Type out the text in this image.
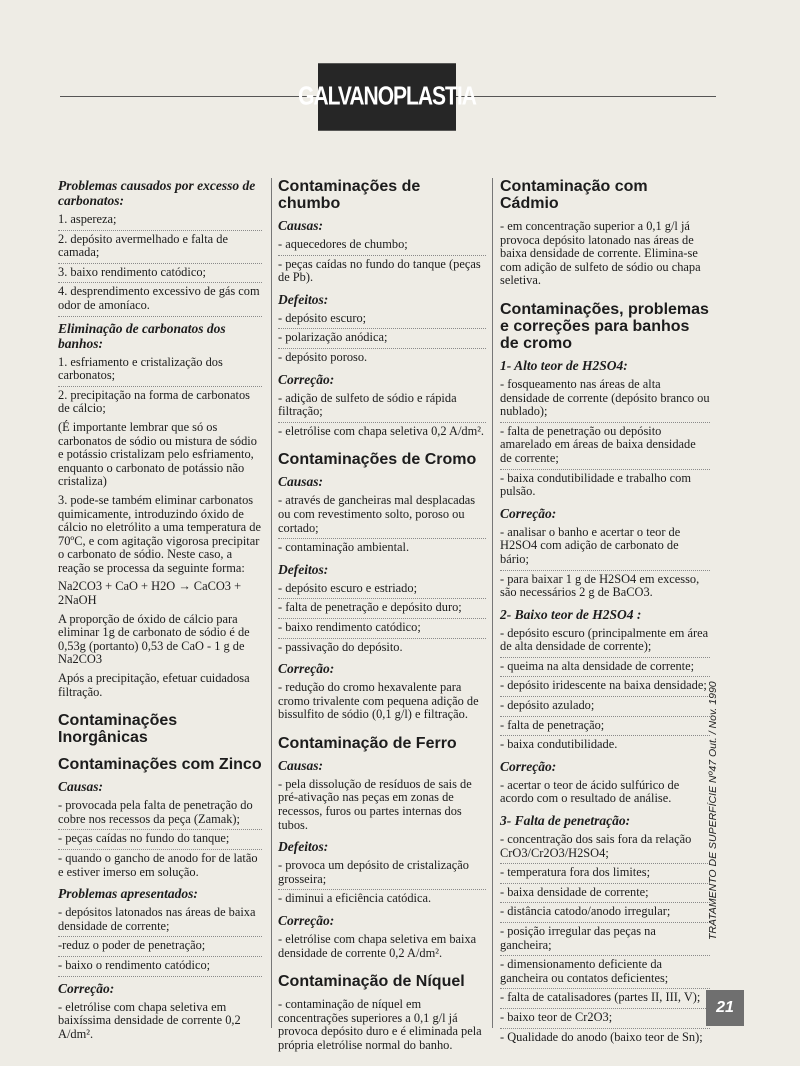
GALVANOPLASTIA
Problemas causados por excesso de carbonatos:

1. aspereza;

2. depósito avermelhado e falta de camada;

3. baixo rendimento catódico;

4. desprendimento excessivo de gás com odor de amoníaco.

Eliminação de carbonatos dos banhos:

1. esfriamento e cristalização dos carbonatos;

2. precipitação na forma de carbonatos de cálcio;

(É importante lembrar que só os carbonatos de sódio ou mistura de sódio e potássio cristalizam pelo esfriamento, enquanto o carbonato de potássio não cristaliza)

3. pode-se também eliminar carbonatos quimicamente, introduzindo óxido de cálcio no eletrólito a uma temperatura de 70ºC, e com agitação vigorosa precipitar o carbonato de sódio. Neste caso, a reação se processa da seguinte forma:

Na2CO3 + CaO + H2O → CaCO3 + 2NaOH

A proporção de óxido de cálcio para eliminar 1g de carbonato de sódio é de 0,53g (portanto) 0,53 de CaO - 1 g de Na2CO3

Após a precipitação, efetuar cuidadosa filtração.

Contaminações Inorgânicas
Contaminações com Zinco
Causas:

- provocada pela falta de penetração do cobre nos recessos da peça (Zamak);

- peças caídas no fundo do tanque;

- quando o gancho de anodo for de latão e estiver imerso em solução.

Problemas apresentados:

- depósitos latonados nas áreas de baixa densidade de corrente;

-reduz o poder de penetração;

- baixo o rendimento catódico;

Correção:

- eletrólise com chapa seletiva em baixíssima densidade de corrente 0,2 A/dm².

Contaminações de chumbo
Causas:

- aquecedores de chumbo;

- peças caídas no fundo do tanque (peças de Pb).

Defeitos:

- depósito escuro;

- polarização anódica;

- depósito poroso.

Correção:

- adição de sulfeto de sódio e rápida filtração;

- eletrólise com chapa seletiva 0,2 A/dm².

Contaminações de Cromo
Causas:

- através de gancheiras mal desplacadas ou com revestimento solto, poroso ou cortado;

- contaminação ambiental.

Defeitos:

- depósito escuro e estriado;

- falta de penetração e depósito duro;

- baixo rendimento catódico;

- passivação do depósito.

Correção:

- redução do cromo hexavalente para cromo trivalente com pequena adição de bissulfito de sódio (0,1 g/l) e filtração.

Contaminação de Ferro
Causas:

- pela dissolução de resíduos de sais de pré-ativação nas peças em zonas de recessos, furos ou partes internas dos tubos.

Defeitos:

- provoca um depósito de cristalização grosseira;

- diminui a eficiência catódica.

Correção:

- eletrólise com chapa seletiva em baixa densidade de corrente 0,2 A/dm².

Contaminação de Níquel

- contaminação de níquel em concentrações superiores a 0,1 g/l já provoca depósito duro e é eliminada pela própria eletrólise normal do banho.

Contaminação com Cádmio

- em concentração superior a 0,1 g/l já provoca depósito latonado nas áreas de baixa densidade de corrente. Elimina-se com adição de sulfeto de sódio ou chapa seletiva.

Contaminações, problemas e correções para banhos de cromo
1- Alto teor de H2SO4:

- fosqueamento nas áreas de alta densidade de corrente (depósito branco ou nublado);

- falta de penetração ou depósito amarelado em áreas de baixa densidade de corrente;

- baixa condutibilidade e trabalho com pulsão.

Correção:

- analisar o banho e acertar o teor de H2SO4 com adição de carbonato de bário;

- para baixar 1 g de H2SO4 em excesso, são necessários 2 g de BaCO3.

2- Baixo teor de H2SO4 :

- depósito escuro (principalmente em área de alta densidade de corrente);

- queima na alta densidade de corrente;

- depósito iridescente na baixa densidade;

- depósito azulado;

- falta de penetração;

- baixa condutibilidade.

Correção:

- acertar o teor de ácido sulfúrico de acordo com o resultado de análise.

3- Falta de penetração:

- concentração dos sais fora da relação CrO3/Cr2O3/H2SO4;

- temperatura fora dos limites;

- baixa densidade de corrente;

- distância catodo/anodo irregular;

- posição irregular das peças na gancheira;

- dimensionamento deficiente da gancheira ou contatos deficientes;

- falta de catalisadores (partes II, III, V);

- baixo teor de Cr2O3;

- Qualidade do anodo (baixo teor de Sn);

TRATAMENTO DE SUPERFÍCIE Nº47 Out. / Nov. 1990
21
